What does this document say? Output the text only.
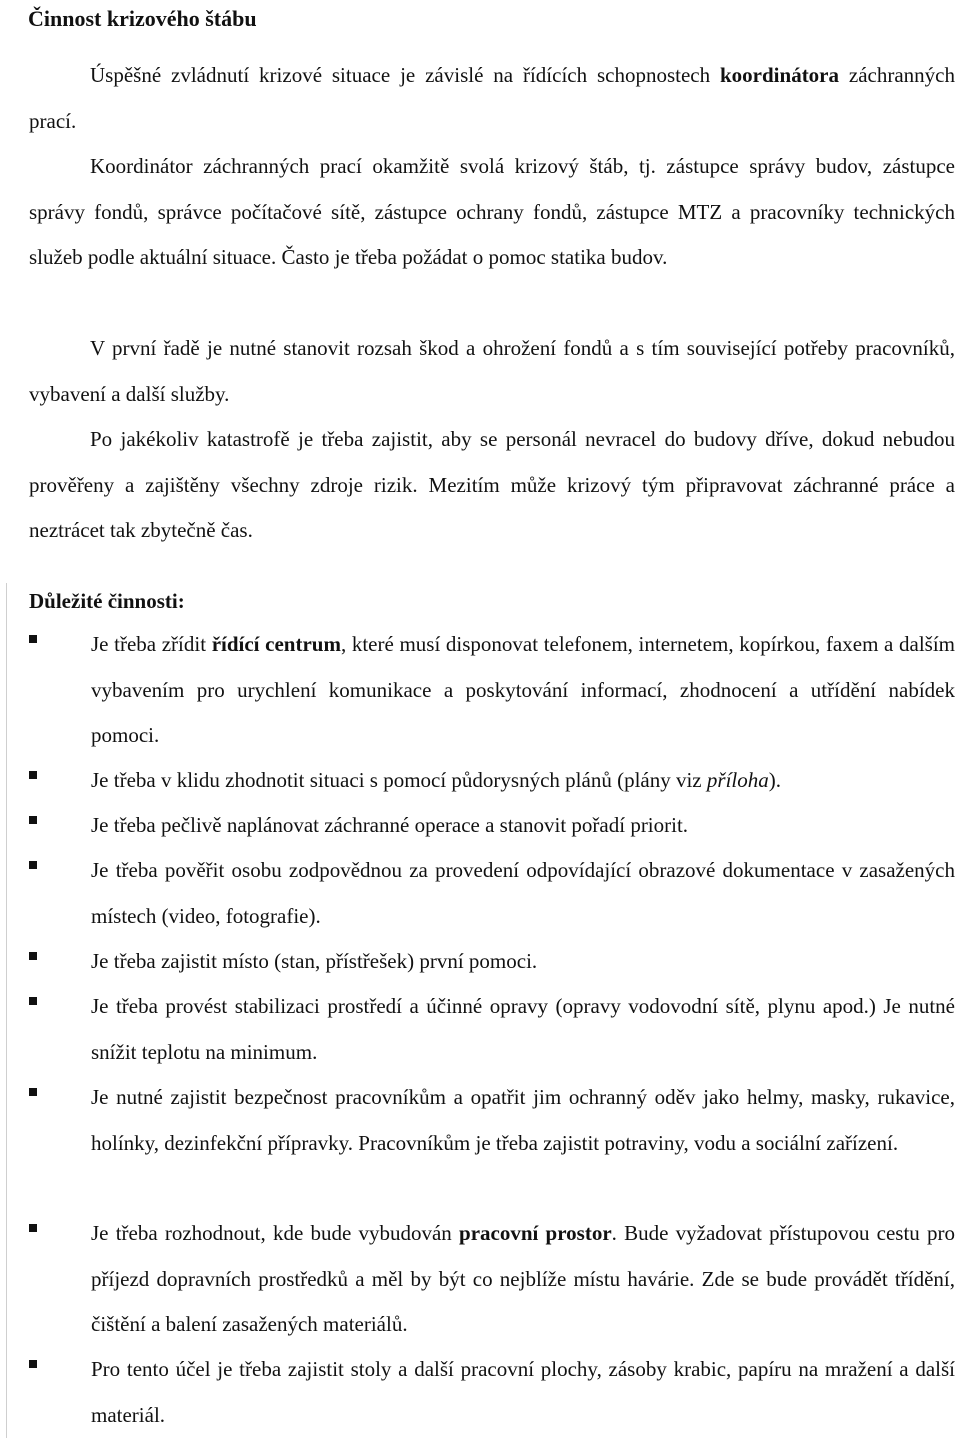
Činnost krizového štábu

Úspěšné zvládnutí krizové situace je závislé na řídících schopnostech koordinátora záchranných prací.

Koordinátor záchranných prací okamžitě svolá krizový štáb, tj. zástupce správy budov, zástupce správy fondů, správce počítačové sítě, zástupce ochrany fondů, zástupce MTZ a pracovníky technických služeb podle aktuální situace. Často je třeba požádat o pomoc statika budov.

V první řadě je nutné stanovit rozsah škod a ohrožení fondů a s tím související potřeby pracovníků, vybavení a další služby.

Po jakékoliv katastrofě je třeba zajistit, aby se personál nevracel do budovy dříve, dokud nebudou prověřeny a zajištěny všechny zdroje rizik. Mezitím může krizový tým připravovat záchranné práce a neztrácet tak zbytečně čas.

Důležité činnosti:
Je třeba zřídit řídící centrum, které musí disponovat telefonem, internetem, kopírkou, faxem a dalším vybavením pro urychlení komunikace a poskytování informací, zhodnocení a utřídění nabídek pomoci.
Je třeba v klidu zhodnotit situaci s pomocí půdorysných plánů (plány viz příloha).
Je třeba pečlivě naplánovat záchranné operace a stanovit pořadí priorit.
Je třeba pověřit osobu zodpovědnou za provedení odpovídající obrazové dokumentace v zasažených místech (video, fotografie).
Je třeba zajistit místo (stan, přístřešek) první pomoci.
Je třeba provést stabilizaci prostředí a účinné opravy (opravy vodovodní sítě, plynu apod.) Je nutné snížit teplotu na minimum.
Je nutné zajistit bezpečnost pracovníkům a opatřit jim ochranný oděv jako helmy, masky, rukavice, holínky, dezinfekční přípravky. Pracovníkům je třeba zajistit potraviny, vodu a sociální zařízení.
Je třeba rozhodnout, kde bude vybudován pracovní prostor. Bude vyžadovat přístupovou cestu pro příjezd dopravních prostředků a měl by být co nejblíže místu havárie. Zde se bude provádět třídění, čištění a balení zasažených materiálů.
Pro tento účel je třeba zajistit stoly a další pracovní plochy, zásoby krabic, papíru na mražení a další materiál.
